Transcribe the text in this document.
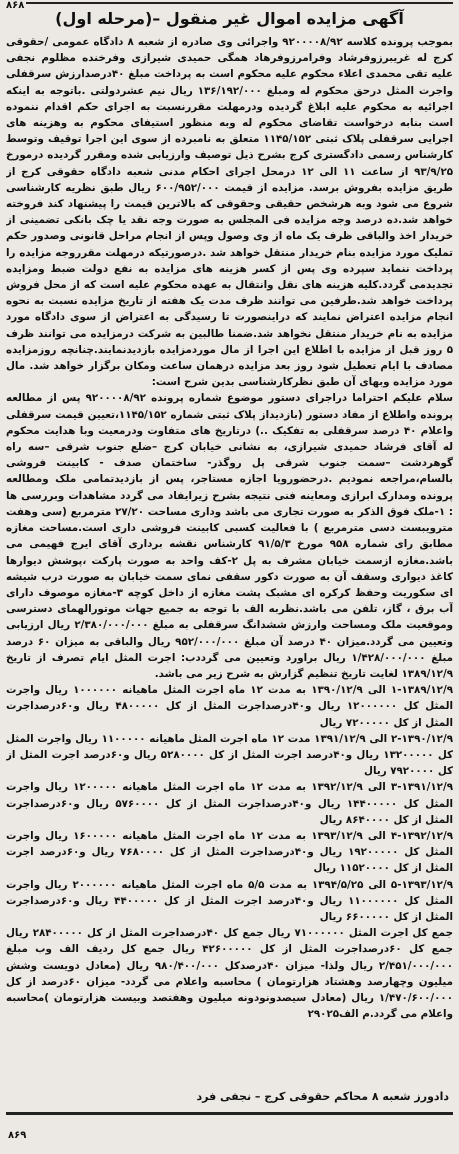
۸۶۸
آگهی مزایده اموال غیر منقول –(مرحله اول)

بموجب پرونده کلاسه ۹۲۰۰۰۰۸/۹۲ واجرائی وی صادره از شعبه ۸ دادگاه عمومی /حقوقی کرج له غریبرزوفرشاد وفرامرزوفرهاد همگی حمیدی شیرازی وفرخنده مظلوم نجفی علیه تقی محمدی اعلاء محکوم علیه محکوم است به پرداخت مبلغ ۴۰درصدارزش سرقفلی واجرت المثل درحق محکوم له ومبلغ ۱۳۶/۱۹۲/۰۰۰ ریال نیم عشردولتی .باتوجه به اینکه اجرائیه به محکوم علیه ابلاغ گردیده ودرمهلت مقررنسبت به اجرای حکم اقدام ننموده است بنابه درخواست تقاضای محکوم له وبه منظور استیفای محکوم به وهزینه های اجرایی سرقفلی پلاک ثبتی ۱۱۴۵/۱۵۲ متعلق به نامبرده از سوی این اجرا توقیف وتوسط کارشناس رسمی دادگستری کرج بشرح ذیل توصیف وارزیابی شده ومقرر گردیده درمورخ ۹۳/۹/۲۵ از ساعت ۱۱ الی ۱۲ درمحل اجرای احکام مدنی شعبه دادگاه حقوقی کرج از طریق مزایده بفروش برسد. مزایده از قیمت ۶۰۰/۹۵۲/۰۰۰ ریال طبق نظریه کارشناسی شروع می شود وبه هرشخص حقیقی وحقوقی که بالاترین قیمت را پیشنهاد کند فروخته خواهد شد.ده درصد وجه مزایده فی المجلس به صورت وجه نقد یا چک بانکی تضمینی از خریدار اخذ والباقی ظرف یک ماه از وی وصول وپس از انجام مراحل قانونی وصدور حکم تملیک مورد مزایده بنام خریدار منتقل خواهد شد .درصورتیکه درمهلت مقرروجه مزایده را پرداخت ننماید سپرده وی پس از کسر هزینه های مزایده به نفع دولت ضبط ومزایده تجدیدمی گردد.کلیه هزینه های نقل وانتقال به عهده محکوم علیه است که از محل فروش پرداخت خواهد شد.طرفین می توانند ظرف مدت یک هفته از تاریخ مزایده نسبت به نحوه انجام مزایده اعتراض نمایند که دراینصورت تا رسیدگی به اعتراض از سوی دادگاه مورد مزایده به نام خریدار منتقل نخواهد شد.ضمنا طالبین به شرکت درمزایده می توانند ظرف ۵ روز قبل از مزایده با اطلاع این اجرا از مال موردمزایده بازدیدنمایند.چنانچه روزمزایده مصادف با ایام تعطیل شود روز بعد مزایده درهمان ساعت ومکان برگزار خواهد شد. مال مورد مزایده وبهای آن طبق نظرکارشناسی بدین شرح است:

سلام علیکم احتراما دراجرای دستور موضوع شماره پرونده ۹۲۰۰۰۰۸/۹۲ پس از مطالعه پرونده واطلاع از مفاد دستور (بازدیداز پلاک ثبتی شماره ۱۱۴۵/۱۵۲،تعیین قیمت سرقفلی واعلام ۴۰ درصد سرقفلی به تفکیک ..) درتاریخ های متفاوت ودرمعیت وبا هدایت محکوم له آقای فرشاد حمیدی شیرازی، به نشانی خیابان کرج –ضلع جنوب شرقی –سه راه گوهردشت –سمت جنوب شرقی پل روگذر- ساختمان صدف - کابینت فروشی بالسام،مراجعه نمودیم .درحضورویا اجازه مستاجر، پس از بازدیدتمامی ملک ومطالعه پرونده ومدارک ابرازی ومعاینه فنی نتیجه بشرح زیرایفاد می گردد مشاهدات وبررسی ها : ۱-ملک فوق الذکر به صورت تجاری می باشد وداری مساحت ۲۷/۲۰ مترمربع (سی وهفت مترویبست دسی مترمربع ) با فعالیت کسبی کابینت فروشی داری است.مساحت مغازه مطابق رای شماره ۹۵۸ مورخ ۹۱/۵/۳ کارشناس نقشه برداری آقای ایرج فهیمی می باشد.مغازه ازسمت خیابان مشرف به پل ۲-کف واحد به صورت پارکت ،پوشش دیوارها کاغذ دیواری وسقف آن به صورت دکور سقفی نمای سمت خیابان به صورت درب شیشه ای سکوریت وحفظ کرکره ای مشبک پشت مغازه از داخل کوچه ۳-مغازه موصوف دارای آب برق ، گاز، تلفن می باشد.نظربه الف با توجه به جمیع جهات موتورالهمای دسترسی وموقعیت ملک ومساحت وارزش ششدانگ سرقفلی به مبلغ ۲/۳۸۰/۰۰۰/۰۰۰ ریال ارزیابی وتعیین می گردد.میزان ۴۰ درصد آن مبلغ ۹۵۲/۰۰۰/۰۰۰ ریال والباقی به میزان ۶۰ درصد مبلغ ۱/۴۲۸/۰۰۰/۰۰۰ ریال براورد وتعیین می گرددب: اجرت المثل ایام تصرف از تاریخ ۱۳۸۹/۱۲/۹ لغایت تاریخ تنظیم گزارش به شرح زیر می باشد.

۱-۱۳۸۹/۱۲/۹ الی ۱۳۹۰/۱۲/۹ به مدت ۱۲ ماه اجرت المثل ماهیانه ۱۰۰۰۰۰۰ ریال واجرت المثل کل ۱۲۰۰۰۰۰۰ ریال و۴۰درصداجرت المثل از کل ۴۸۰۰۰۰۰ ریال و۶۰درصداجرت المثل از کل ۷۲۰۰۰۰۰ ریال

۲-۱۳۹۰/۱۲/۹ الی ۱۳۹۱/۱۲/۹ مدت ۱۲ ماه اجرت المثل ماهیانه ۱۱۰۰۰۰۰ ریال واجرت المثل کل ۱۳۲۰۰۰۰۰ ریال و۴۰درصد اجرت المثل از کل ۵۲۸۰۰۰۰ ریال و۶۰درصد اجرت المثل از کل ۷۹۲۰۰۰۰ ریال

۳-۱۳۹۱/۱۲/۹ الی ۱۳۹۲/۱۲/۹ به مدت ۱۲ ماه اجرت المثل ماهیانه ۱۲۰۰۰۰۰ ریال واجرت المثل کل ۱۴۴۰۰۰۰۰ ریال و۴۰درصداجرت المثل از کل ۵۷۶۰۰۰۰ ریال و۶۰درصداجرت المثل از کل ۸۶۴۰۰۰۰ ریال

۴-۱۳۹۲/۱۲/۹ الی ۱۳۹۳/۱۲/۹ به مدت ۱۲ ماه اجرت المثل ماهیانه ۱۶۰۰۰۰۰ ریال واجرت المثل کل ۱۹۲۰۰۰۰۰ ریال و۴۰درصداجرت المثل از کل ۷۶۸۰۰۰۰ ریال و۶۰درصد اجرت المثل از کل ۱۱۵۲۰۰۰۰ ریال

۵-۱۳۹۳/۱۲/۹ الی ۱۳۹۴/۵/۲۵ به مدت ۵/۵ ماه اجرت المثل ماهیانه ۲۰۰۰۰۰۰ ریال واجرت المثل کل ۱۱۰۰۰۰۰۰ ریال و۴۰درصد اجرت المثل از کل ۴۴۰۰۰۰۰ ریال و۶۰درصداجرت المثل از کل ۶۶۰۰۰۰۰ ریال

جمع کل اجرت المثل ۷۱۰۰۰۰۰۰ ریال جمع کل ۴۰درصداجرت المثل از کل ۲۸۴۰۰۰۰۰ ریال جمع کل ۶۰درصداجرت المثل از کل ۴۲۶۰۰۰۰۰ ریال جمع کل ردیف الف وب مبلغ ۲/۴۵۱/۰۰۰/۰۰۰ ریال ولذا- میزان ۴۰درصدکل ۹۸۰/۴۰۰/۰۰۰ ریال (معادل دویست وشش میلیون وچهارصد وهشتاد هزارتومان ) محاسبه واعلام می گردد- میزان ۶۰درصد از کل ۱/۴۷۰/۶۰۰/۰۰۰ ریال (معادل سیصدونودونه میلیون وهفتصد وبیست هزارتومان )محاسبه واعلام می گردد.م الف۲۹۰۲۵

دادورز شعبه ۸ محاکم حقوقی کرج – نجفی فرد
۸۶۹
